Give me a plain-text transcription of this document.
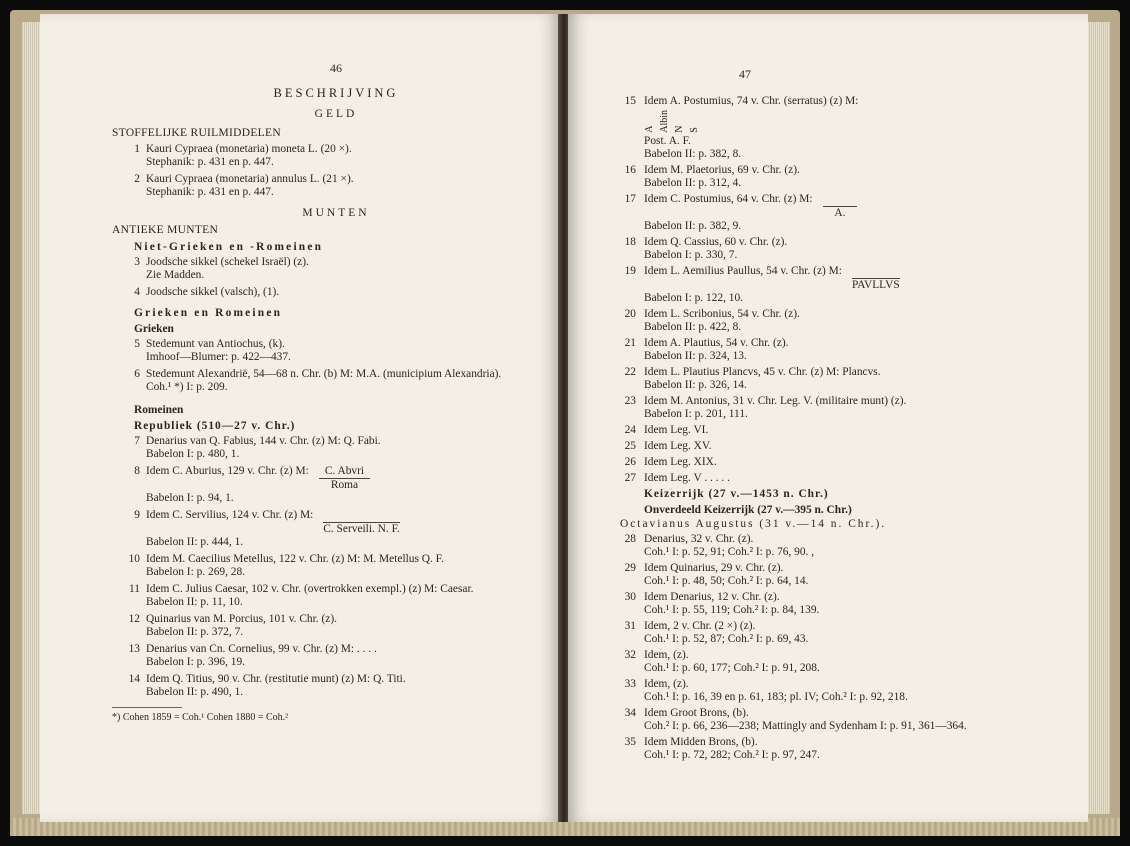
46
BESCHRIJVING
GELD
STOFFELIJKE RUILMIDDELEN
1 Kauri Cypraea (monetaria) moneta L. (20 ×).
Stephanik: p. 431 en p. 447.
2 Kauri Cypraea (monetaria) annulus L. (21 ×).
Stephanik: p. 431 en p. 447.
MUNTEN
ANTIEKE MUNTEN
Niet-Grieken en -Romeinen
3 Joodsche sikkel (schekel Israël) (z).
Zie Madden.
4 Joodsche sikkel (valsch), (1).
Grieken en Romeinen
Grieken
5 Stedemunt van Antiochus, (k).
Imhoof—Blumer: p. 422—437.
6 Stedemunt Alexandrië, 54—68 n. Chr. (b) M: M.A. (municipium Alexandria).
Coh.¹ *) I: p. 209.
Romeinen
Republiek (510—27 v. Chr.)
7 Denarius van Q. Fabius, 144 v. Chr. (z) M: Q. Fabi.
Babelon I: p. 480, 1.
8 Idem C. Aburius, 129 v. Chr. (z) M:	C. Abvri
Roma
Babelon I: p. 94, 1.
9 Idem C. Servilius, 124 v. Chr. (z) M:

C. Serveili. N. F.
Babelon II: p. 444, 1.
10 Idem M. Caecilius Metellus, 122 v. Chr. (z) M: M. Metellus Q. F.
Babelon I: p. 269, 28.
11 Idem C. Julius Caesar, 102 v. Chr. (overtrokken exempl.) (z) M: Caesar.
Babelon II: p. 11, 10.
12 Quinarius van M. Porcius, 101 v. Chr. (z).
Babelon II: p. 372, 7.
13 Denarius van Cn. Cornelius, 99 v. Chr. (z) M: . . . .
Babelon I: p. 396, 19.
14 Idem Q. Titius, 90 v. Chr. (restitutie munt) (z) M: Q. Titi.
Babelon II: p. 490, 1.
*) Cohen 1859 = Coh.¹ Cohen 1880 = Coh.²
47
15 Idem A. Postumius, 74 v. Chr. (serratus) (z) M:
A Albin N S
Post. A. F.
Babelon II: p. 382, 8.
16 Idem M. Plaetorius, 69 v. Chr. (z).
Babelon II: p. 312, 4.
17 Idem C. Postumius, 64 v. Chr. (z) M:

A.
Babelon II: p. 382, 9.
18 Idem Q. Cassius, 60 v. Chr. (z).
Babelon I: p. 330, 7.
19 Idem L. Aemilius Paullus, 54 v. Chr. (z) M:

PAVLLVS
Babelon I: p. 122, 10.
20 Idem L. Scribonius, 54 v. Chr. (z).
Babelon II: p. 422, 8.
21 Idem A. Plautius, 54 v. Chr. (z).
Babelon II: p. 324, 13.
22 Idem L. Plautius Plancvs, 45 v. Chr. (z) M: Plancvs.
Babelon II: p. 326, 14.
23 Idem M. Antonius, 31 v. Chr. Leg. V. (militaire munt) (z).
Babelon I: p. 201, 111.
24 Idem Leg. VI.
25 Idem Leg. XV.
26 Idem Leg. XIX.
27 Idem Leg. V . . . . .
Keizerrijk (27 v.—1453 n. Chr.)
Onverdeeld Keizerrijk (27 v.—395 n. Chr.)
Octavianus Augustus (31 v.—14 n. Chr.).
28 Denarius, 32 v. Chr. (z).
Coh.¹ I: p. 52, 91; Coh.² I: p. 76, 90. ,
29 Idem Quinarius, 29 v. Chr. (z).
Coh.¹ I: p. 48, 50; Coh.² I: p. 64, 14.
30 Idem Denarius, 12 v. Chr. (z).
Coh.¹ I: p. 55, 119; Coh.² I: p. 84, 139.
31 Idem, 2 v. Chr. (2 ×) (z).
Coh.¹ I: p. 52, 87; Coh.² I: p. 69, 43.
32 Idem, (z).
Coh.¹ I: p. 60, 177; Coh.² I: p. 91, 208.
33 Idem, (z).
Coh.¹ I: p. 16, 39 en p. 61, 183; pl. IV; Coh.² I: p. 92, 218.
34 Idem Groot Brons, (b).
Coh.² I: p. 66, 236—238; Mattingly and Sydenham I: p. 91, 361—364.
35 Idem Midden Brons, (b).
Coh.¹ I: p. 72, 282; Coh.² I: p. 97, 247.
